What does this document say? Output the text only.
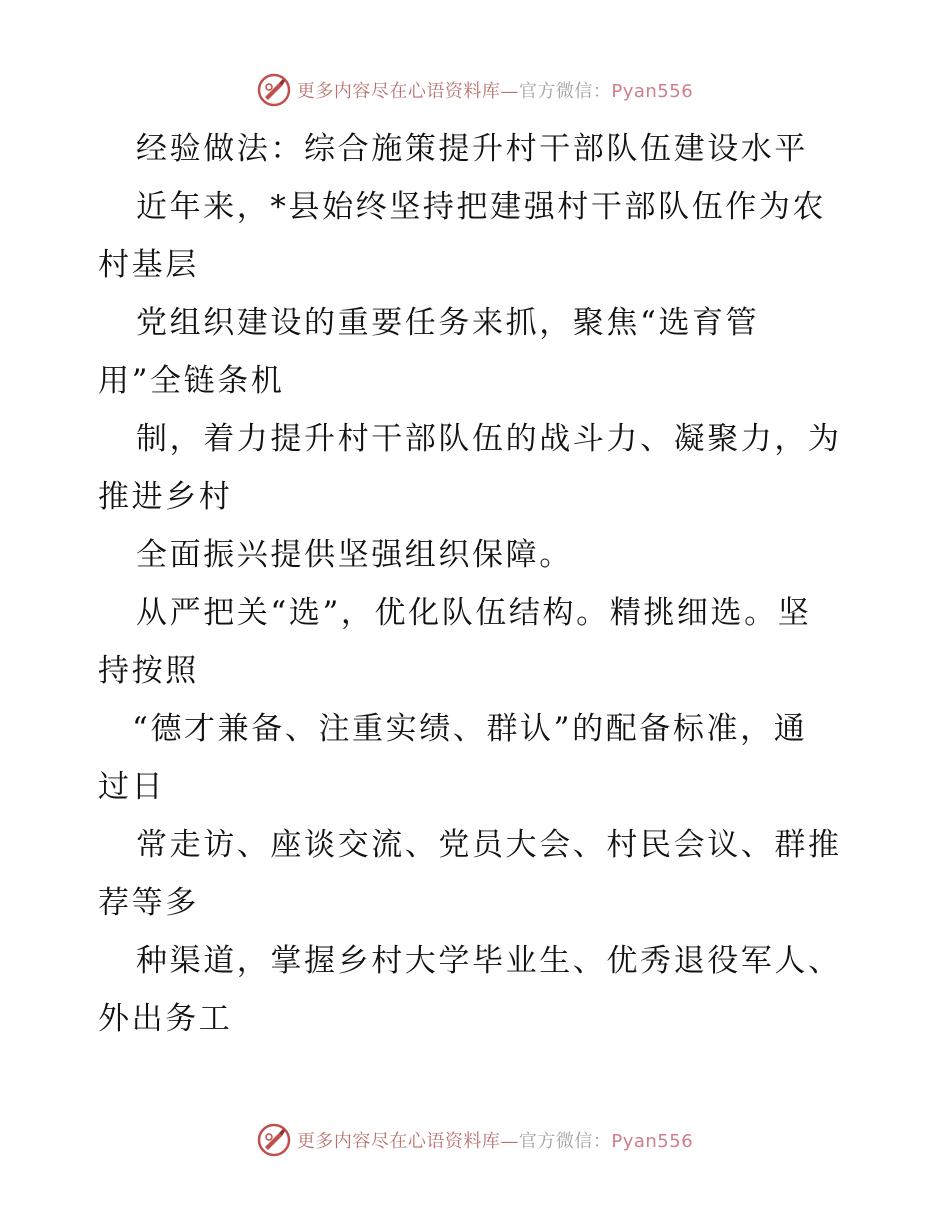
更多内容尽在心语资料库—官方微信：Pyan556
经验做法：综合施策提升村干部队伍建设水平
近年来，*县始终坚持把建强村干部队伍作为农
村基层
党组织建设的重要任务来抓，聚焦“选育管
用”全链条机
制，着力提升村干部队伍的战斗力、凝聚力，为
推进乡村
全面振兴提供坚强组织保障。
从严把关“选”，优化队伍结构。精挑细选。坚
持按照
“德才兼备、注重实绩、群认”的配备标准，通
过日
常走访、座谈交流、党员大会、村民会议、群推
荐等多
种渠道，掌握乡村大学毕业生、优秀退役军人、
外出务工
更多内容尽在心语资料库—官方微信：Pyan556
